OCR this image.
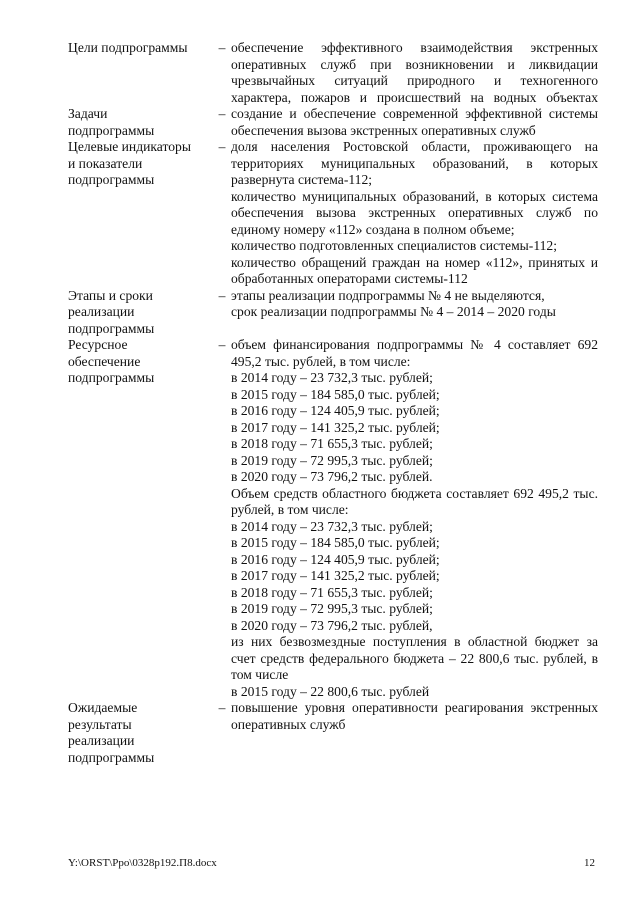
Цели подпрограммы	– обеспечение эффективного взаимодействия экстренных оперативных служб при возникновении и ликвидации чрезвычайных ситуаций природного и техногенного характера, пожаров и происшествий на водных объектах

Задачи
подпрограммы
– создание и обеспечение современной эффективной системы обеспечения вызова экстренных оперативных служб

Целевые индикаторы
и показатели
подпрограммы
– доля населения Ростовской области, проживающего на территориях муниципальных образований, в которых развернута система-112;

количество муниципальных образований, в которых система обеспечения вызова экстренных оперативных служб по единому номеру «112» создана в полном объеме;

количество подготовленных специалистов системы-112;

количество обращений граждан на номер «112», принятых и обработанных операторами системы-112

Этапы и сроки
реализации
подпрограммы
– этапы реализации подпрограммы № 4 не выделяются,

срок реализации подпрограммы № 4 – 2014 – 2020 годы

Ресурсное
обеспечение
подпрограммы
– объем финансирования подпрограммы № 4 составляет 692 495,2 тыс. рублей, в том числе:

в 2014 году – 23 732,3 тыс. рублей;

в 2015 году – 184 585,0 тыс. рублей;

в 2016 году – 124 405,9 тыс. рублей;

в 2017 году – 141 325,2 тыс. рублей;

в 2018 году – 71 655,3 тыс. рублей;

в 2019 году – 72 995,3 тыс. рублей;

в 2020 году – 73 796,2 тыс. рублей.

Объем средств областного бюджета составляет 692 495,2 тыс. рублей, в том числе:

в 2014 году – 23 732,3 тыс. рублей;

в 2015 году – 184 585,0 тыс. рублей;

в 2016 году – 124 405,9 тыс. рублей;

в 2017 году – 141 325,2 тыс. рублей;

в 2018 году – 71 655,3 тыс. рублей;

в 2019 году – 72 995,3 тыс. рублей;

в 2020 году – 73 796,2 тыс. рублей,

из них безвозмездные поступления в областной бюджет за счет средств федерального бюджета – 22 800,6 тыс. рублей, в том числе

в 2015 году – 22 800,6 тыс. рублей

Ожидаемые
результаты
реализации
подпрограммы
– повышение уровня оперативности реагирования экстренных оперативных служб

Y:\ORST\Ppo\0328p192.П8.docx	12
